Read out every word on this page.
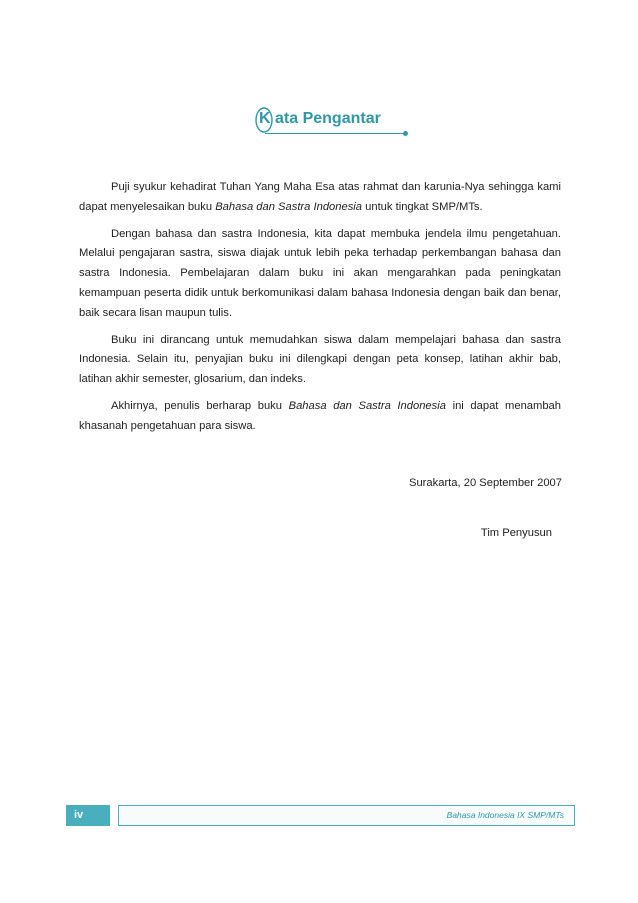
K ata Pengantar

Puji syukur kehadirat Tuhan Yang Maha Esa atas rahmat dan karunia-Nya sehingga kami dapat menyelesaikan buku Bahasa dan Sastra Indonesia untuk tingkat SMP/MTs.

Dengan bahasa dan sastra Indonesia, kita dapat membuka jendela ilmu pengetahuan. Melalui pengajaran sastra, siswa diajak untuk lebih peka terhadap perkembangan bahasa dan sastra Indonesia. Pembelajaran dalam buku ini akan mengarahkan pada peningkatan kemampuan peserta didik untuk berkomunikasi dalam bahasa Indonesia dengan baik dan benar, baik secara lisan maupun tulis.

Buku ini dirancang untuk memudahkan siswa dalam mempelajari bahasa dan sastra Indonesia. Selain itu, penyajian buku ini dilengkapi dengan peta konsep, latihan akhir bab, latihan akhir semester, glosarium, dan indeks.

Akhirnya, penulis berharap buku Bahasa dan Sastra Indonesia ini dapat menambah khasanah pengetahuan para siswa.

Surakarta, 20 September 2007
Tim Penyusun
iv	Bahasa Indonesia IX SMP/MTs
